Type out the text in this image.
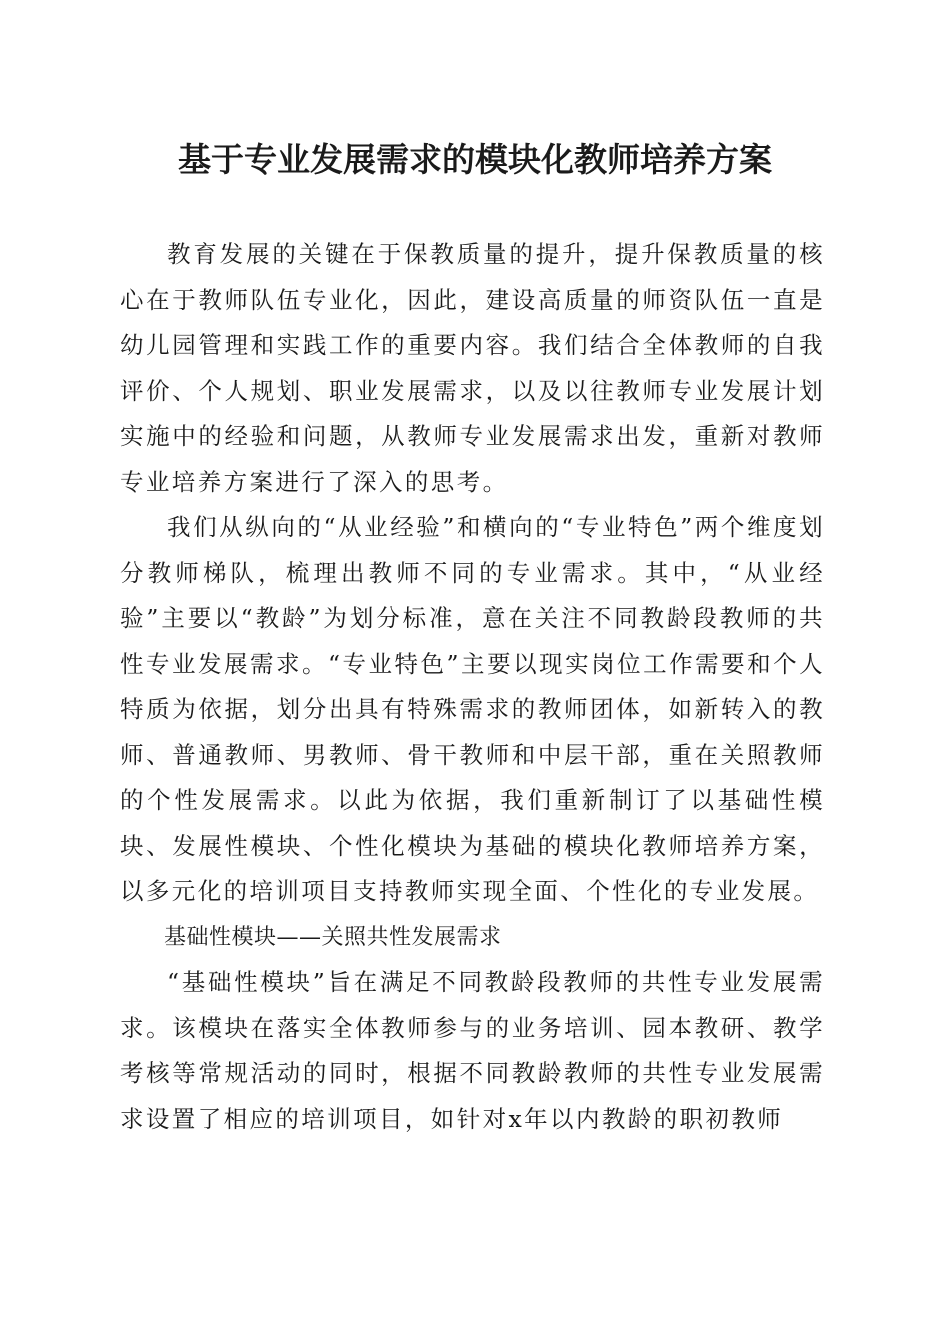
基于专业发展需求的模块化教师培养方案

教育发展的关键在于保教质量的提升，提升保教质量的核心在于教师队伍专业化，因此，建设高质量的师资队伍一直是幼儿园管理和实践工作的重要内容。我们结合全体教师的自我评价、个人规划、职业发展需求，以及以往教师专业发展计划实施中的经验和问题，从教师专业发展需求出发，重新对教师专业培养方案进行了深入的思考。

我们从纵向的“从业经验”和横向的“专业特色”两个维度划分教师梯队，梳理出教师不同的专业需求。其中，“从业经验”主要以“教龄”为划分标准，意在关注不同教龄段教师的共性专业发展需求。“专业特色”主要以现实岗位工作需要和个人特质为依据，划分出具有特殊需求的教师团体，如新转入的教师、普通教师、男教师、骨干教师和中层干部，重在关照教师的个性发展需求。以此为依据，我们重新制订了以基础性模块、发展性模块、个性化模块为基础的模块化教师培养方案，以多元化的培训项目支持教师实现全面、个性化的专业发展。

基础性模块——关照共性发展需求

“基础性模块”旨在满足不同教龄段教师的共性专业发展需求。该模块在落实全体教师参与的业务培训、园本教研、教学考核等常规活动的同时，根据不同教龄教师的共性专业发展需求设置了相应的培训项目，如针对x年以内教龄的职初教师
